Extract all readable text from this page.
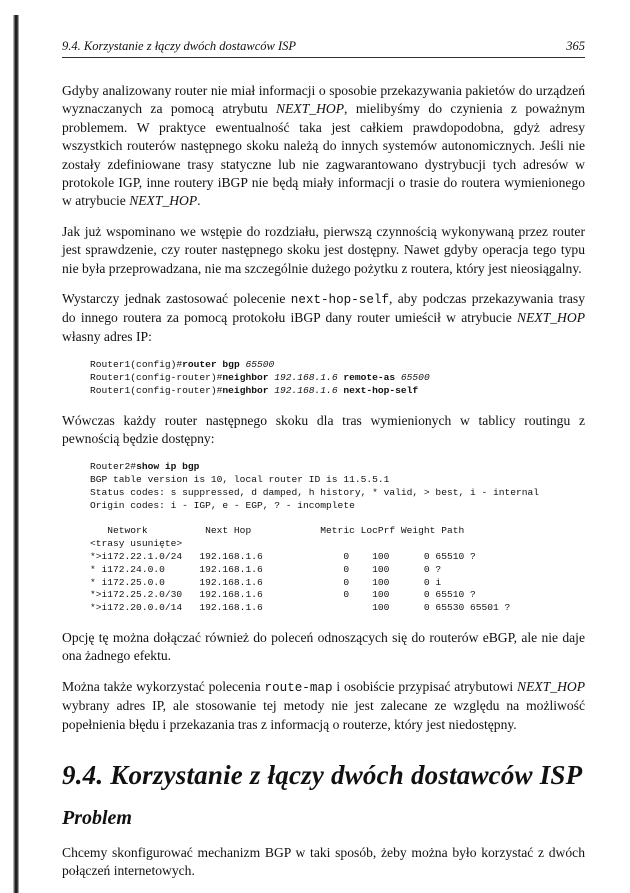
9.4. Korzystanie z łączy dwóch dostawców ISP	365

Gdyby analizowany router nie miał informacji o sposobie przekazywania pakietów do urządzeń wyznaczanych za pomocą atrybutu NEXT_HOP, mielibyśmy do czynienia z poważnym problemem. W praktyce ewentualność taka jest całkiem prawdopodobna, gdyż adresy wszystkich routerów następnego skoku należą do innych systemów autonomicznych. Jeśli nie zostały zdefiniowane trasy statyczne lub nie zagwarantowano dystrybucji tych adresów w protokole IGP, inne routery iBGP nie będą miały informacji o trasie do routera wymienionego w atrybucie NEXT_HOP.

Jak już wspominano we wstępie do rozdziału, pierwszą czynnością wykonywaną przez router jest sprawdzenie, czy router następnego skoku jest dostępny. Nawet gdyby operacja tego typu nie była przeprowadzana, nie ma szczególnie dużego pożytku z routera, który jest nieosiągalny.

Wystarczy jednak zastosować polecenie next-hop-self, aby podczas przekazywania trasy do innego routera za pomocą protokołu iBGP dany router umieścił w atrybucie NEXT_HOP własny adres IP:

Router1(config)#router bgp 65500
Router1(config-router)#neighbor 192.168.1.6 remote-as 65500
Router1(config-router)#neighbor 192.168.1.6 next-hop-self

Wówczas każdy router następnego skoku dla tras wymienionych w tablicy routingu z pewnością będzie dostępny:

Router2#show ip bgp
BGP table version is 10, local router ID is 11.5.5.1
Status codes: s suppressed, d damped, h history, * valid, > best, i - internal
Origin codes: i - IGP, e - EGP, ? - incomplete

Network          Next Hop            Metric LocPrf Weight Path
<trasy usunięte>
*>i172.22.1.0/24   192.168.1.6              0    100      0 65510 ?
* i172.24.0.0      192.168.1.6              0    100      0 ?
* i172.25.0.0      192.168.1.6              0    100      0 i
*>i172.25.2.0/30   192.168.1.6              0    100      0 65510 ?
*>i172.20.0.0/14   192.168.1.6                   100      0 65530 65501 ?

Opcję tę można dołączać również do poleceń odnoszących się do routerów eBGP, ale nie daje ona żadnego efektu.

Można także wykorzystać polecenia route-map i osobiście przypisać atrybutowi NEXT_HOP wybrany adres IP, ale stosowanie tej metody nie jest zalecane ze względu na możliwość popełnienia błędu i przekazania tras z informacją o routerze, który jest niedostępny.

9.4. Korzystanie z łączy dwóch dostawców ISP
Problem

Chcemy skonfigurować mechanizm BGP w taki sposób, żeby można było korzystać z dwóch połączeń internetowych.
